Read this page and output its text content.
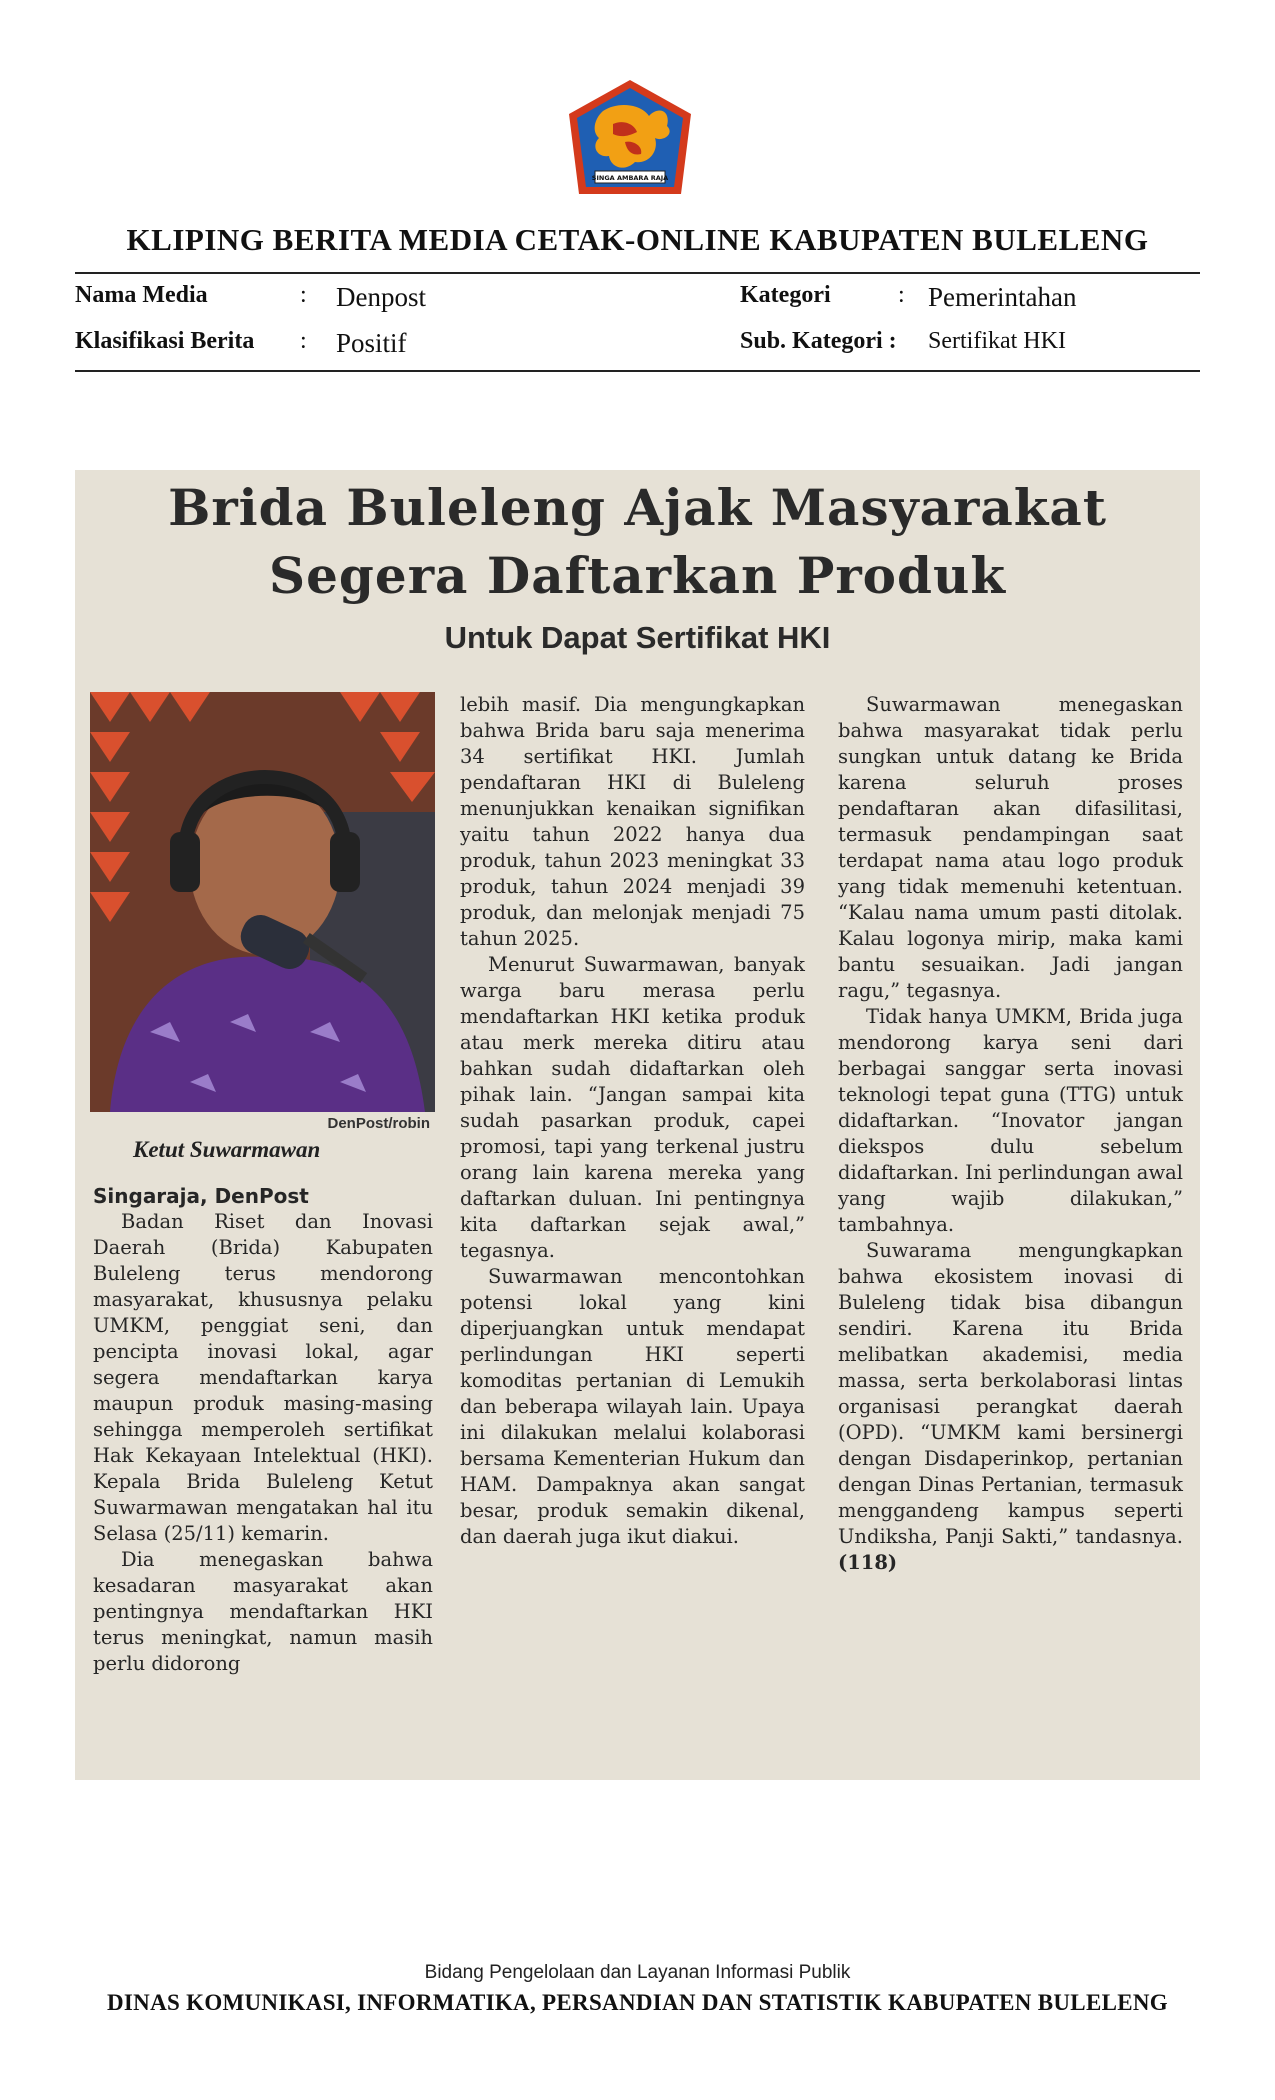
SINGA AMBARA RAJA
KLIPING BERITA MEDIA CETAK-ONLINE KABUPATEN BULELENG
Nama Media	: Denpost	Kategori	: Pemerintahan
Klasifikasi Berita : Positif	Sub. Kategori : Sertifikat HKI
Brida Buleleng Ajak Masyarakat
Segera Daftarkan Produk
Untuk Dapat Sertifikat HKI
DenPost/robin
Ketut Suwarmawan

Singaraja, DenPost

Badan Riset dan Inovasi Daerah (Brida) Kabupaten Buleleng terus mendorong masyarakat, khususnya pelaku UMKM, penggiat seni, dan pencipta inovasi lokal, agar segera mendaftarkan karya maupun produk masing-masing sehingga memperoleh sertifikat Hak Kekayaan Intelektual (HKI). Kepala Brida Buleleng Ketut Suwarmawan mengatakan hal itu Selasa (25/11) kemarin.

Dia menegaskan bahwa kesadaran masyarakat akan pentingnya mendaftarkan HKI terus meningkat, namun masih perlu didorong

lebih masif. Dia mengungkapkan bahwa Brida baru saja menerima 34 sertifikat HKI. Jumlah pendaftaran HKI di Buleleng menunjukkan kenaikan signifikan yaitu tahun 2022 hanya dua produk, tahun 2023 meningkat 33 produk, tahun 2024 menjadi 39 produk, dan melonjak menjadi 75 tahun 2025.

Menurut Suwarmawan, banyak warga baru merasa perlu mendaftarkan HKI ketika produk atau merk mereka ditiru atau bahkan sudah didaftarkan oleh pihak lain. “Jangan sampai kita sudah pasarkan produk, capei promosi, tapi yang terkenal justru orang lain karena mereka yang daftarkan duluan. Ini pentingnya kita daftarkan sejak awal,” tegasnya.

Suwarmawan mencontohkan potensi lokal yang kini diperjuangkan untuk mendapat perlindungan HKI seperti komoditas pertanian di Lemukih dan beberapa wilayah lain. Upaya ini dilakukan melalui kolaborasi bersama Kementerian Hukum dan HAM. Dampaknya akan sangat besar, produk semakin dikenal, dan daerah juga ikut diakui.

Suwarmawan menegaskan bahwa masyarakat tidak perlu sungkan untuk datang ke Brida karena seluruh proses pendaftaran akan difasilitasi, termasuk pendampingan saat terdapat nama atau logo produk yang tidak memenuhi ketentuan. “Kalau nama umum pasti ditolak. Kalau logonya mirip, maka kami bantu sesuaikan. Jadi jangan ragu,” tegasnya.

Tidak hanya UMKM, Brida juga mendorong karya seni dari berbagai sanggar serta inovasi teknologi tepat guna (TTG) untuk didaftarkan. “Inovator jangan diekspos dulu sebelum didaftarkan. Ini perlindungan awal yang wajib dilakukan,” tambahnya.

Suwarama mengungkapkan bahwa ekosistem inovasi di Buleleng tidak bisa dibangun sendiri. Karena itu Brida melibatkan akademisi, media massa, serta berkolaborasi lintas organisasi perangkat daerah (OPD). “UMKM kami bersinergi dengan Disdaperinkop, pertanian dengan Dinas Pertanian, termasuk menggandeng kampus seperti Undiksha, Panji Sakti,” tandasnya.(118)

Bidang Pengelolaan dan Layanan Informasi Publik
DINAS KOMUNIKASI, INFORMATIKA, PERSANDIAN DAN STATISTIK KABUPATEN BULELENG
